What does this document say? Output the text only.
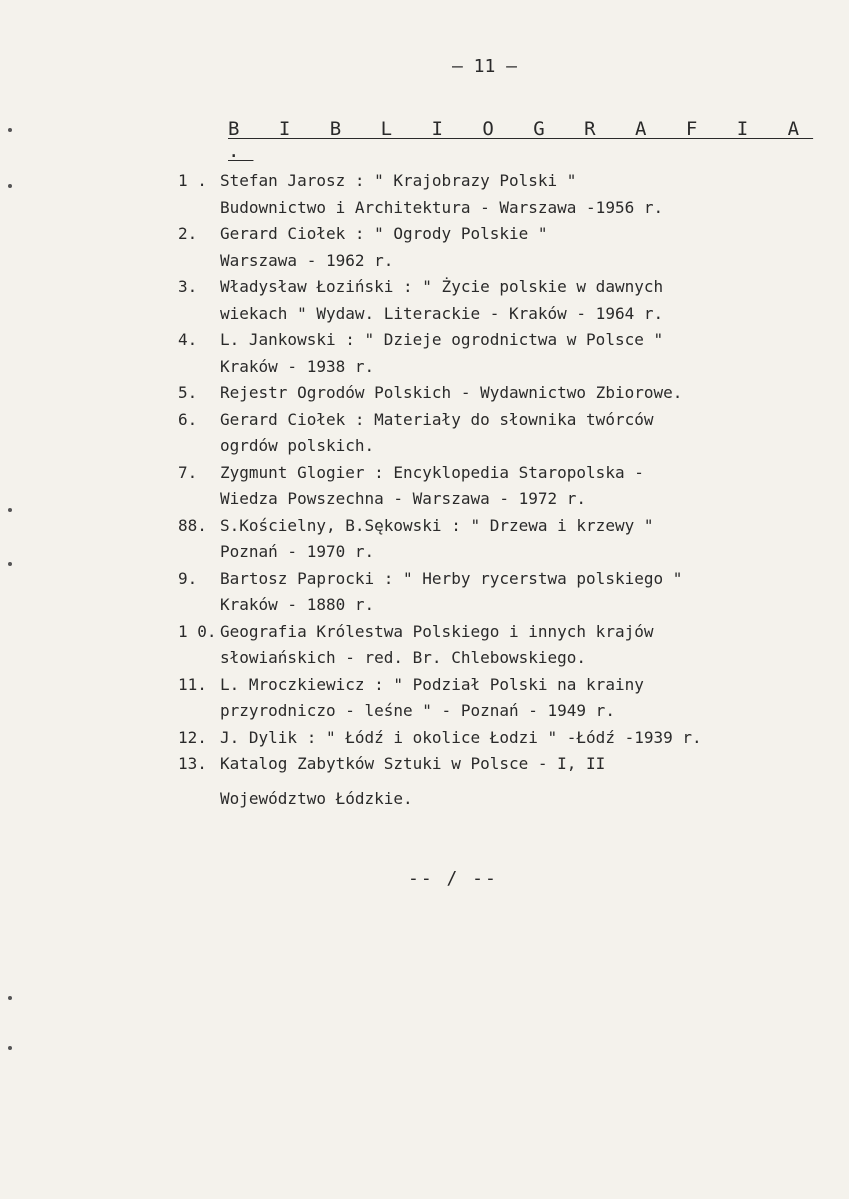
— 11 —
B I B L I O G R A F I A .
1 . Stefan Jarosz : " Krajobrazy Polski "
Budownictwo i Architektura - Warszawa -1956 r.
2.	Gerard Ciołek : " Ogrody Polskie "
Warszawa - 1962 r.
3.	Władysław Łoziński : " Życie polskie w dawnych
wiekach " Wydaw. Literackie - Kraków - 1964 r.
4.	L. Jankowski : " Dzieje ogrodnictwa w Polsce "
Kraków - 1938 r.
5.	Rejestr Ogrodów Polskich - Wydawnictwo Zbiorowe.
6.	Gerard Ciołek : Materiały do słownika twórców
ogrdów polskich.
7.	Zygmunt Glogier : Encyklopedia Staropolska -
Wiedza Powszechna - Warszawa - 1972 r.
88. S.Kościelny, B.Sękowski : " Drzewa i krzewy "
Poznań - 1970 r.
9.	Bartosz Paprocki : " Herby rycerstwa polskiego "
Kraków - 1880 r.
1 0. Geografia Królestwa Polskiego i innych krajów
słowiańskich - red. Br. Chlebowskiego.
11. L. Mroczkiewicz : " Podział Polski na krainy
przyrodniczo - leśne " - Poznań - 1949 r.
12. J. Dylik : " Łódź i okolice Łodzi " -Łódź -1939 r.
13. Katalog Zabytków Sztuki w Polsce - I, II
Województwo Łódzkie.
-- / --
